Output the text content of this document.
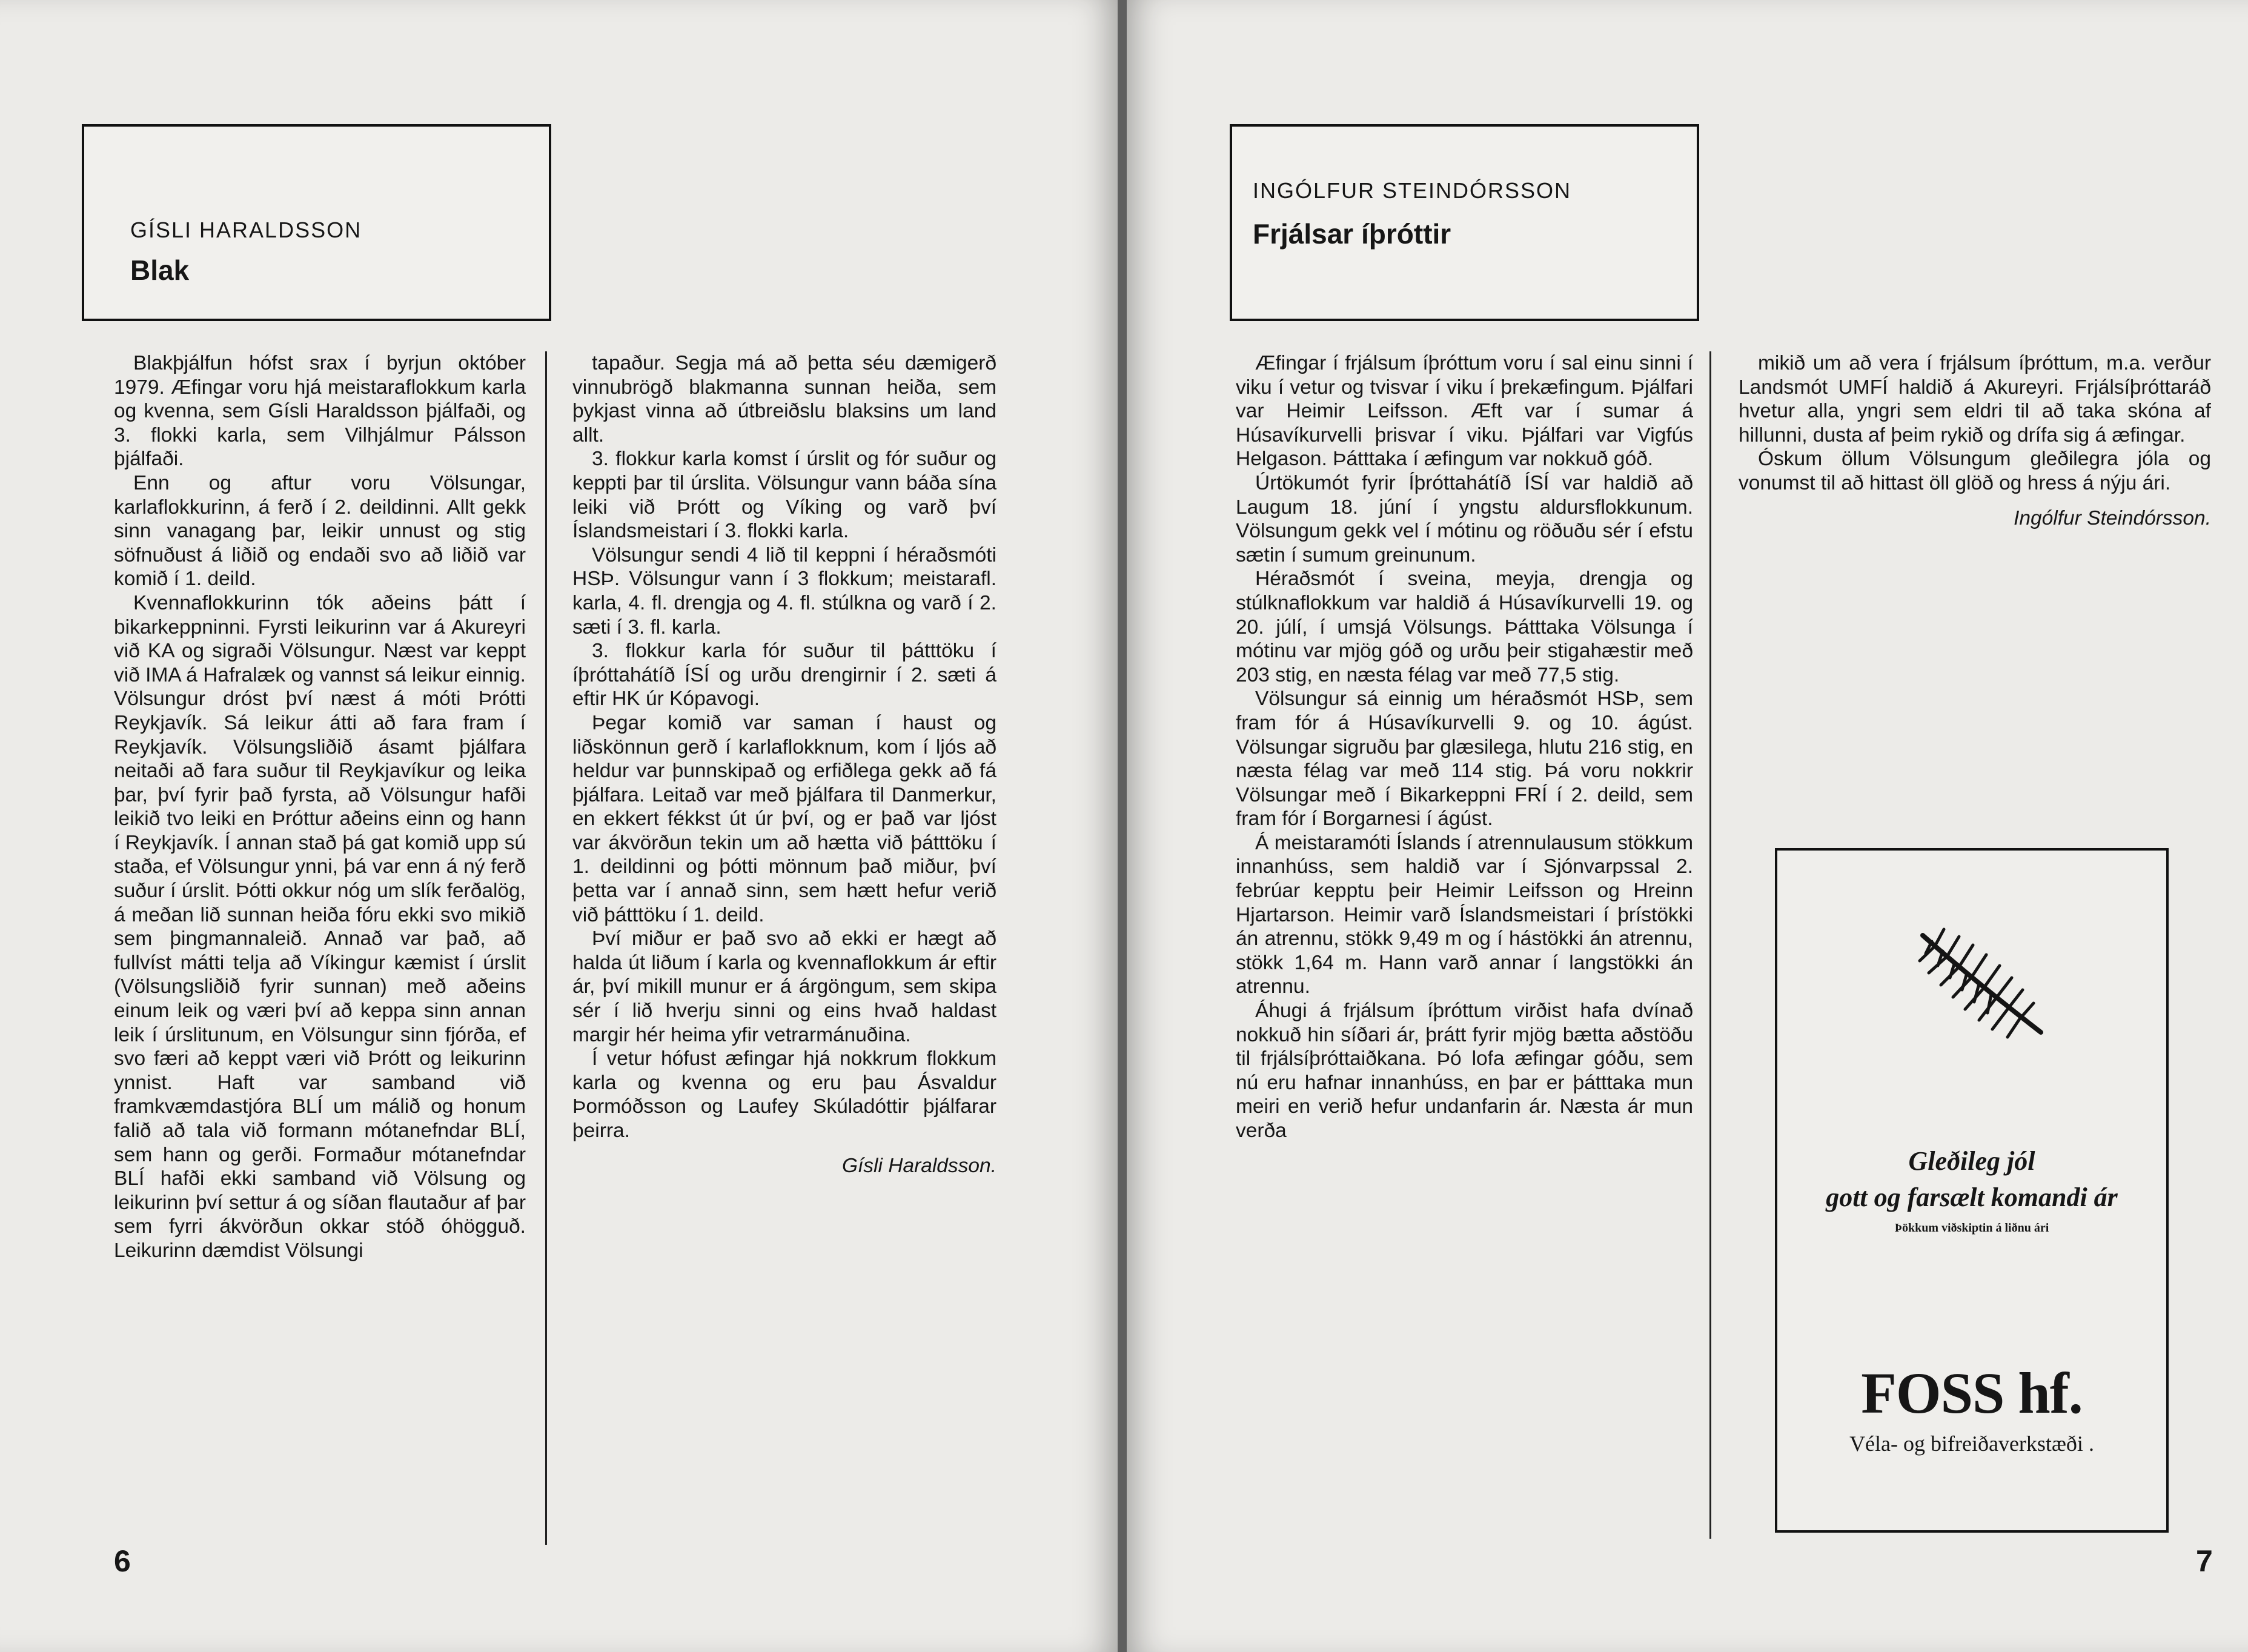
GÍSLI HARALDSSON
Blak

Blakþjálfun hófst srax í byrjun október 1979. Æfingar voru hjá meistaraflokkum karla og kvenna, sem Gísli Haraldsson þjálfaði, og 3. flokki karla, sem Vilhjálmur Pálsson þjálfaði.

Enn og aftur voru Völsungar, karlaflokkurinn, á ferð í 2. deildinni. Allt gekk sinn vanagang þar, leikir unnust og stig söfnuðust á liðið og endaði svo að liðið var komið í 1. deild.

Kvennaflokkurinn tók aðeins þátt í bikarkeppninni. Fyrsti leikurinn var á Akureyri við KA og sigraði Völsungur. Næst var keppt við IMA á Hafralæk og vannst sá leikur einnig. Völsungur dróst því næst á móti Þrótti Reykjavík. Sá leikur átti að fara fram í Reykjavík. Völsungsliðið ásamt þjálfara neitaði að fara suður til Reykjavíkur og leika þar, því fyrir það fyrsta, að Völsungur hafði leikið tvo leiki en Þróttur aðeins einn og hann í Reykjavík. Í annan stað þá gat komið upp sú staða, ef Völsungur ynni, þá var enn á ný ferð suður í úrslit. Þótti okkur nóg um slík ferðalög, á meðan lið sunnan heiða fóru ekki svo mikið sem þingmannaleið. Annað var það, að fullvíst mátti telja að Víkingur kæmist í úrslit (Völsungsliðið fyrir sunnan) með aðeins einum leik og væri því að keppa sinn annan leik í úrslitunum, en Völsungur sinn fjórða, ef svo færi að keppt væri við Þrótt og leikurinn ynnist. Haft var samband við framkvæmdastjóra BLÍ um málið og honum falið að tala við formann mótanefndar BLÍ, sem hann og gerði. Formaður mótanefndar BLÍ hafði ekki samband við Völsung og leikurinn því settur á og síðan flautaður af þar sem fyrri ákvörðun okkar stóð óhögguð. Leikurinn dæmdist Völsungi

tapaður. Segja má að þetta séu dæmigerð vinnubrögð blakmanna sunnan heiða, sem þykjast vinna að útbreiðslu blaksins um land allt.

3. flokkur karla komst í úrslit og fór suður og keppti þar til úrslita. Völsungur vann báða sína leiki við Þrótt og Víking og varð því Íslandsmeistari í 3. flokki karla.

Völsungur sendi 4 lið til keppni í héraðsmóti HSÞ. Völsungur vann í 3 flokkum; meistarafl. karla, 4. fl. drengja og 4. fl. stúlkna og varð í 2. sæti í 3. fl. karla.

3. flokkur karla fór suður til þátttöku í íþróttahátíð ÍSÍ og urðu drengirnir í 2. sæti á eftir HK úr Kópavogi.

Þegar komið var saman í haust og liðskönnun gerð í karlaflokknum, kom í ljós að heldur var þunnskipað og erfiðlega gekk að fá þjálfara. Leitað var með þjálfara til Danmerkur, en ekkert fékkst út úr því, og er það var ljóst var ákvörðun tekin um að hætta við þátttöku í 1. deildinni og þótti mönnum það miður, því þetta var í annað sinn, sem hætt hefur verið við þátttöku í 1. deild.

Því miður er það svo að ekki er hægt að halda út liðum í karla og kvennaflokkum ár eftir ár, því mikill munur er á árgöngum, sem skipa sér í lið hverju sinni og eins hvað haldast margir hér heima yfir vetrarmánuðina.

Í vetur hófust æfingar hjá nokkrum flokkum karla og kvenna og eru þau Ásvaldur Þormóðsson og Laufey Skúladóttir þjálfarar þeirra.

Gísli Haraldsson.

6
INGÓLFUR STEINDÓRSSON
Frjálsar íþróttir

Æfingar í frjálsum íþróttum voru í sal einu sinni í viku í vetur og tvisvar í viku í þrekæfingum. Þjálfari var Heimir Leifsson. Æft var í sumar á Húsavíkurvelli þrisvar í viku. Þjálfari var Vigfús Helgason. Þátttaka í æfingum var nokkuð góð.

Úrtökumót fyrir Íþróttahátíð ÍSÍ var haldið að Laugum 18. júní í yngstu aldursflokkunum. Völsungum gekk vel í mótinu og röðuðu sér í efstu sætin í sumum greinunum.

Héraðsmót í sveina, meyja, drengja og stúlknaflokkum var haldið á Húsavíkurvelli 19. og 20. júlí, í umsjá Völsungs. Þátttaka Völsunga í mótinu var mjög góð og urðu þeir stigahæstir með 203 stig, en næsta félag var með 77,5 stig.

Völsungur sá einnig um héraðsmót HSÞ, sem fram fór á Húsavíkurvelli 9. og 10. ágúst. Völsungar sigruðu þar glæsilega, hlutu 216 stig, en næsta félag var með 114 stig. Þá voru nokkrir Völsungar með í Bikarkeppni FRÍ í 2. deild, sem fram fór í Borgarnesi í ágúst.

Á meistaramóti Íslands í atrennulausum stökkum innanhúss, sem haldið var í Sjónvarpssal 2. febrúar kepptu þeir Heimir Leifsson og Hreinn Hjartarson. Heimir varð Íslandsmeistari í þrístökki án atrennu, stökk 9,49 m og í hástökki án atrennu, stökk 1,64 m. Hann varð annar í langstökki án atrennu.

Áhugi á frjálsum íþróttum virðist hafa dvínað nokkuð hin síðari ár, þrátt fyrir mjög bætta aðstöðu til frjálsíþróttaiðkana. Þó lofa æfingar góðu, sem nú eru hafnar innanhúss, en þar er þátttaka mun meiri en verið hefur undanfarin ár. Næsta ár mun verða

mikið um að vera í frjálsum íþróttum, m.a. verður Landsmót UMFÍ haldið á Akureyri. Frjálsíþróttaráð hvetur alla, yngri sem eldri til að taka skóna af hillunni, dusta af þeim rykið og drífa sig á æfingar.

Óskum öllum Völsungum gleðilegra jóla og vonumst til að hittast öll glöð og hress á nýju ári.

Ingólfur Steindórsson.

Gleðileg jól
gott og farsælt komandi ár
Þökkum viðskiptin á liðnu ári
FOSS hf.
Véla- og bifreiðaverkstæði .
7
